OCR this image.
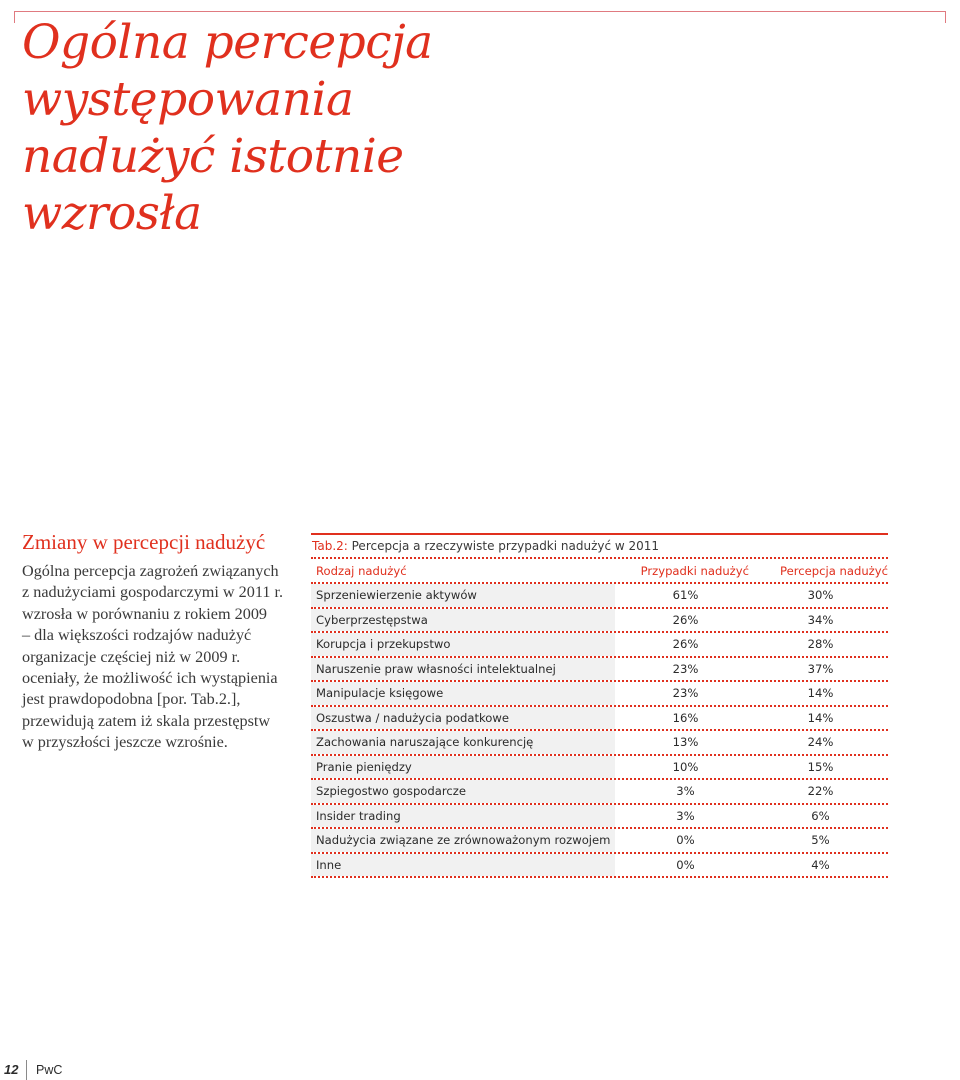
Ogólna percepcja
występowania
nadużyć istotnie
wzrosła
Zmiany w percepcji nadużyć

Ogólna percepcja zagrożeń związanych
z nadużyciami gospodarczymi w 2011 r.
wzrosła w porównaniu z rokiem 2009
– dla większości rodzajów nadużyć
organizacje częściej niż w 2009 r.
oceniały, że możliwość ich wystąpienia
jest prawdopodobna [por. Tab.2.],
przewidują zatem iż skala przestępstw
w przyszłości jeszcze wzrośnie.

Tab.2: Percepcja a rzeczywiste przypadki nadużyć w 2011
Rodzaj nadużyć	Przypadki nadużyć	Percepcja nadużyć
Sprzeniewierzenie aktywów	61%	30%
Cyberprzestępstwa	26%	34%
Korupcja i przekupstwo	26%	28%
Naruszenie praw własności intelektualnej	23%	37%
Manipulacje księgowe	23%	14%
Oszustwa / nadużycia podatkowe	16%	14%
Zachowania naruszające konkurencję	13%	24%
Pranie pieniędzy	10%	15%
Szpiegostwo gospodarcze	3%	22%
Insider trading	3%	6%
Nadużycia związane ze zrównoważonym rozwojem	0%	5%
Inne	0%	4%
12 PwC
